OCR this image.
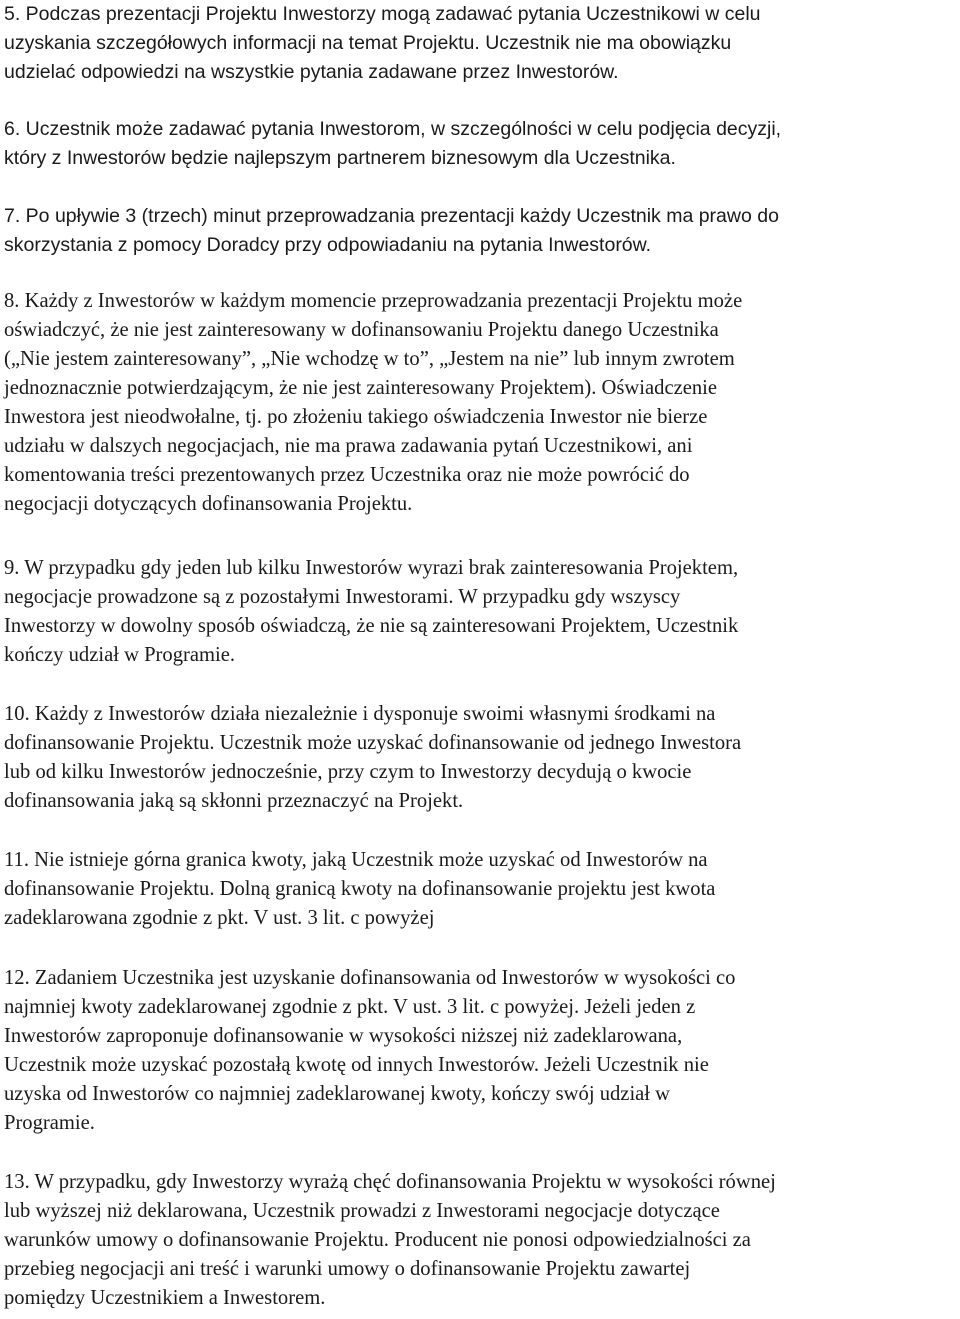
5. Podczas prezentacji Projektu Inwestorzy mogą zadawać pytania Uczestnikowi w celu
uzyskania szczegółowych informacji na temat Projektu. Uczestnik nie ma obowiązku
udzielać odpowiedzi na wszystkie pytania zadawane przez Inwestorów.
6. Uczestnik może zadawać pytania Inwestorom, w szczególności w celu podjęcia decyzji,
który z Inwestorów będzie najlepszym partnerem biznesowym dla Uczestnika.
7. Po upływie 3 (trzech) minut przeprowadzania prezentacji każdy Uczestnik ma prawo do
skorzystania z pomocy Doradcy przy odpowiadaniu na pytania Inwestorów.
8. Każdy z Inwestorów w każdym momencie przeprowadzania prezentacji Projektu może
oświadczyć, że nie jest zainteresowany w dofinansowaniu Projektu danego Uczestnika
(„Nie jestem zainteresowany”, „Nie wchodzę w to”, „Jestem na nie” lub innym zwrotem
jednoznacznie potwierdzającym, że nie jest zainteresowany Projektem). Oświadczenie
Inwestora jest nieodwołalne, tj. po złożeniu takiego oświadczenia Inwestor nie bierze
udziału w dalszych negocjacjach, nie ma prawa zadawania pytań Uczestnikowi, ani
komentowania treści prezentowanych przez Uczestnika oraz nie może powrócić do
negocjacji dotyczących dofinansowania Projektu.
9. W przypadku gdy jeden lub kilku Inwestorów wyrazi brak zainteresowania Projektem,
negocjacje prowadzone są z pozostałymi Inwestorami. W przypadku gdy wszyscy
Inwestorzy w dowolny sposób oświadczą, że nie są zainteresowani Projektem, Uczestnik
kończy udział w Programie.
10. Każdy z Inwestorów działa niezależnie i dysponuje swoimi własnymi środkami na
dofinansowanie Projektu. Uczestnik może uzyskać dofinansowanie od jednego Inwestora
lub od kilku Inwestorów jednocześnie, przy czym to Inwestorzy decydują o kwocie
dofinansowania jaką są skłonni przeznaczyć na Projekt.
11. Nie istnieje górna granica kwoty, jaką Uczestnik może uzyskać od Inwestorów na
dofinansowanie Projektu. Dolną granicą kwoty na dofinansowanie projektu jest kwota
zadeklarowana zgodnie z pkt. V ust. 3 lit. c powyżej
12. Zadaniem Uczestnika jest uzyskanie dofinansowania od Inwestorów w wysokości co
najmniej kwoty zadeklarowanej zgodnie z pkt. V ust. 3 lit. c powyżej. Jeżeli jeden z
Inwestorów zaproponuje dofinansowanie w wysokości niższej niż zadeklarowana,
Uczestnik może uzyskać pozostałą kwotę od innych Inwestorów. Jeżeli Uczestnik nie
uzyska od Inwestorów co najmniej zadeklarowanej kwoty, kończy swój udział w
Programie.
13. W przypadku, gdy Inwestorzy wyrażą chęć dofinansowania Projektu w wysokości równej
lub wyższej niż deklarowana, Uczestnik prowadzi z Inwestorami negocjacje dotyczące
warunków umowy o dofinansowanie Projektu. Producent nie ponosi odpowiedzialności za
przebieg negocjacji ani treść i warunki umowy o dofinansowanie Projektu zawartej
pomiędzy Uczestnikiem a Inwestorem.
